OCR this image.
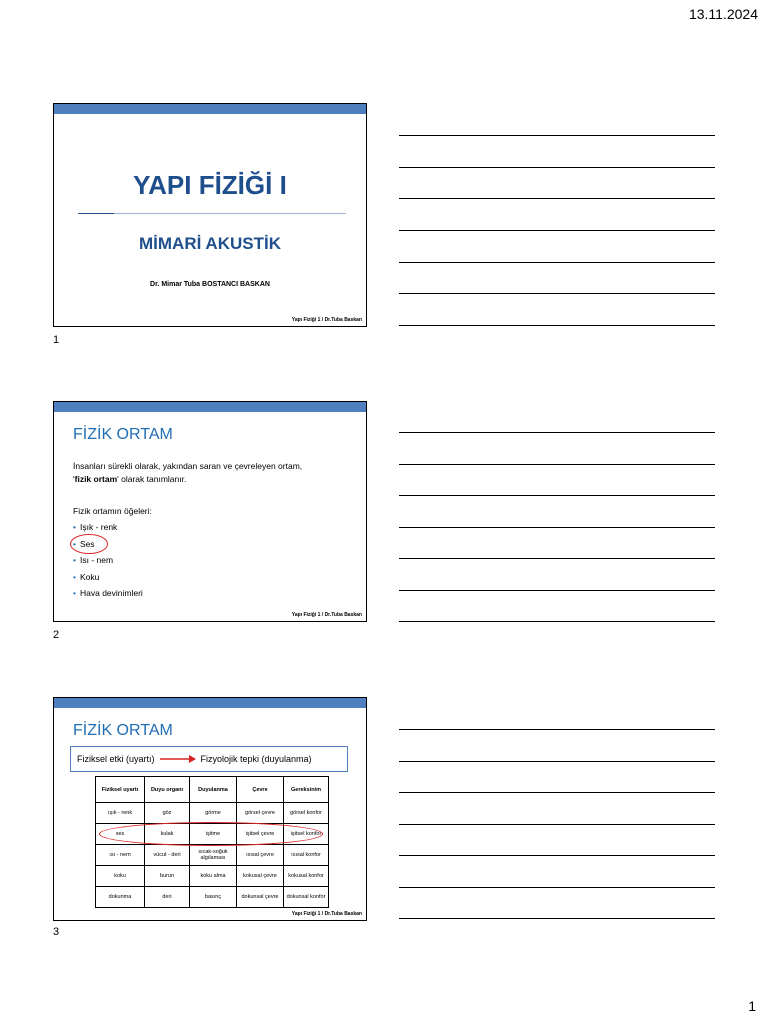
13.11.2024
YAPI FİZİĞİ I
MİMARİ AKUSTİK
Dr. Mimar Tuba BOSTANCI BASKAN
Yapı Fiziği 1 / Dr.Tuba Baskan
1
FİZİK ORTAM
İnsanları sürekli olarak, yakından saran ve çevreleyen ortam,
'fizik ortam' olarak tanımlanır.
Fizik ortamın öğeleri:
• Işık - renk
• Ses
• Isı - nem
• Koku
• Hava devinimleri
Yapı Fiziği 1 / Dr.Tuba Baskan
2
FİZİK ORTAM
Fiziksel etki (uyartı)	Fizyolojik tepki (duyulanma)
Fiziksel uyartı	Duyu organı	Duyulanma	Çevre	Gereksinim
ışık - renk	göz	görme	görsel çevre	görsel konfor
ses	kulak	işitme	işitsel çevre	işitsel konfor
ısı - nem	vücut - deri	sıcak-soğuk algılaması	ısısal çevre	ısısal konfor
koku	burun	koku alma	kokusal çevre	kokusal konfor
dokunma	deri	basınç	dokunsal çevre	dokunsal konfor
Yapı Fiziği 1 / Dr.Tuba Baskan
3
1
